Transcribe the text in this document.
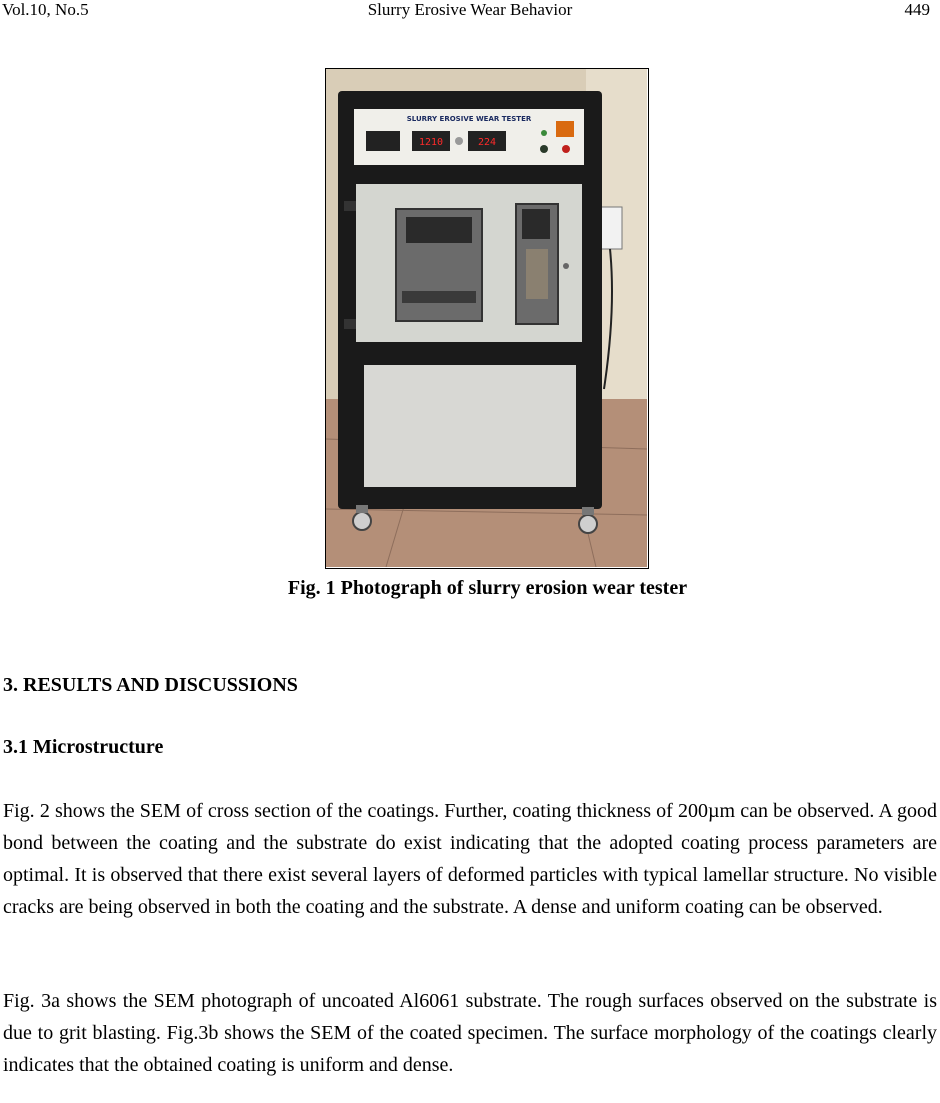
Vol.10, No.5	Slurry Erosive Wear Behavior	449
SLURRY EROSIVE WEAR TESTER
1210	224
Fig. 1 Photograph of slurry erosion wear tester
3. RESULTS AND DISCUSSIONS
3.1 Microstructure

Fig. 2 shows the SEM of cross section of the coatings. Further, coating thickness of 200µm can be observed. A good bond between the coating and the substrate do exist indicating that the adopted coating process parameters are optimal. It is observed that there exist several layers of deformed particles with typical lamellar structure. No visible cracks are being observed in both the coating and the substrate. A dense and uniform coating can be observed.

Fig. 3a shows the SEM photograph of uncoated Al6061 substrate. The rough surfaces observed on the substrate is due to grit blasting. Fig.3b shows the SEM of the coated specimen. The surface morphology of the coatings clearly indicates that the obtained coating is uniform and dense.
